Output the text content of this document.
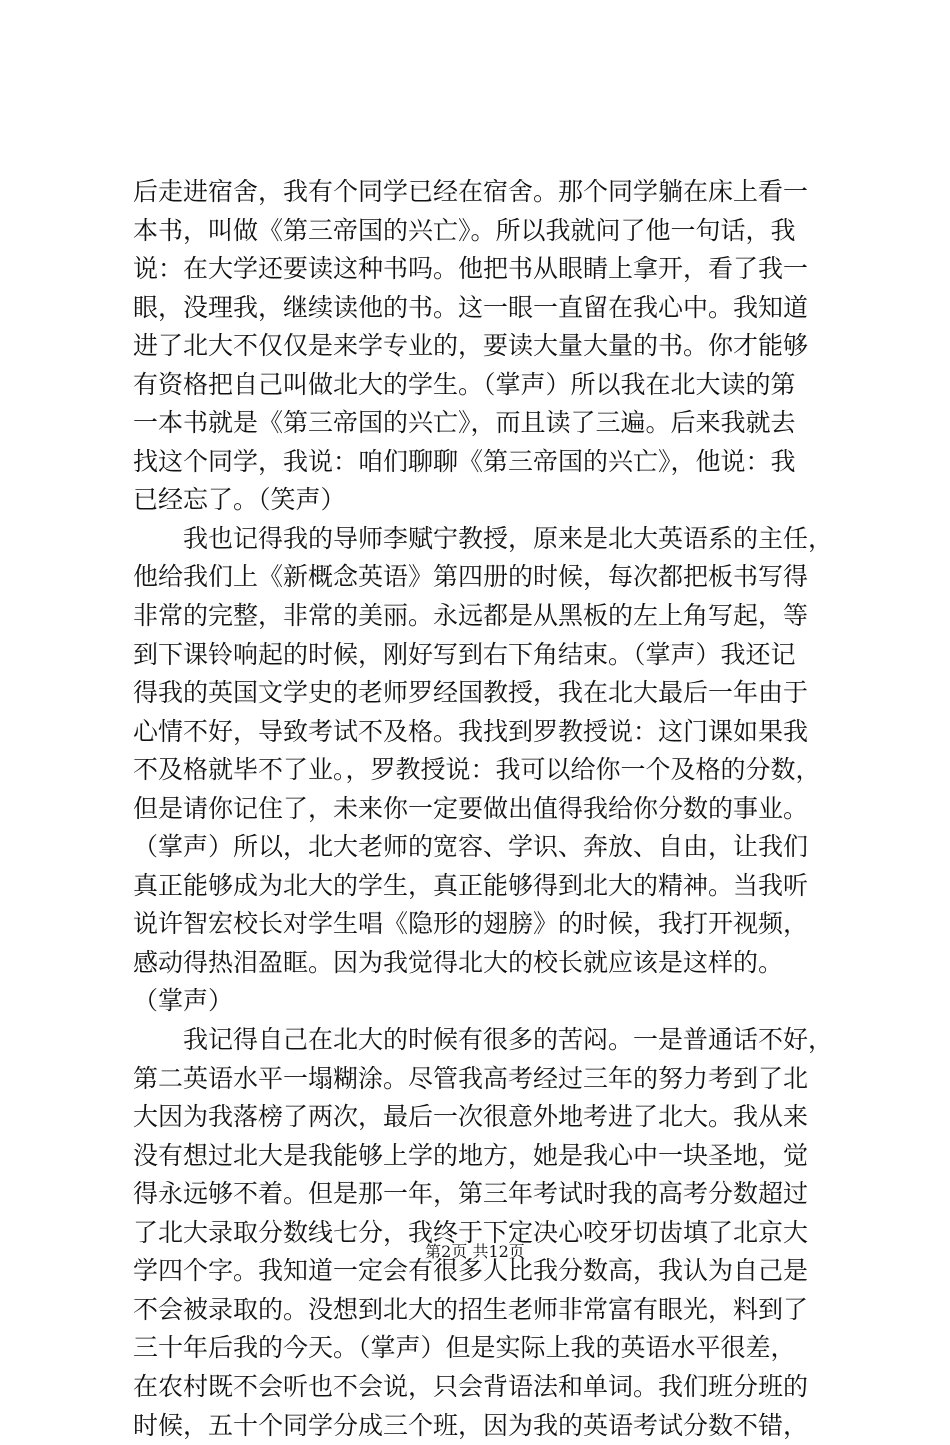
后走进宿舍，我有个同学已经在宿舍。那个同学躺在床上看一
本书，叫做《第三帝国的兴亡》。所以我就问了他一句话，我
说：在大学还要读这种书吗。他把书从眼睛上拿开，看了我一
眼，没理我，继续读他的书。这一眼一直留在我心中。我知道
进了北大不仅仅是来学专业的，要读大量大量的书。你才能够
有资格把自己叫做北大的学生。（掌声）所以我在北大读的第
一本书就是《第三帝国的兴亡》，而且读了三遍。后来我就去
找这个同学，我说：咱们聊聊《第三帝国的兴亡》，他说：我
已经忘了。（笑声）
我也记得我的导师李赋宁教授，原来是北大英语系的主任，
他给我们上《新概念英语》第四册的时候，每次都把板书写得
非常的完整，非常的美丽。永远都是从黑板的左上角写起，等
到下课铃响起的时候，刚好写到右下角结束。（掌声）我还记
得我的英国文学史的老师罗经国教授，我在北大最后一年由于
心情不好，导致考试不及格。我找到罗教授说：这门课如果我
不及格就毕不了业。，罗教授说：我可以给你一个及格的分数，
但是请你记住了，未来你一定要做出值得我给你分数的事业。
（掌声）所以，北大老师的宽容、学识、奔放、自由，让我们
真正能够成为北大的学生，真正能够得到北大的精神。当我听
说许智宏校长对学生唱《隐形的翅膀》的时候，我打开视频，
感动得热泪盈眶。因为我觉得北大的校长就应该是这样的。
（掌声）
我记得自己在北大的时候有很多的苦闷。一是普通话不好，
第二英语水平一塌糊涂。尽管我高考经过三年的努力考到了北
大因为我落榜了两次，最后一次很意外地考进了北大。我从来
没有想过北大是我能够上学的地方，她是我心中一块圣地，觉
得永远够不着。但是那一年，第三年考试时我的高考分数超过
了北大录取分数线七分，我终于下定决心咬牙切齿填了北京大
学四个字。我知道一定会有很多人比我分数高，我认为自己是
不会被录取的。没想到北大的招生老师非常富有眼光，料到了
三十年后我的今天。（掌声）但是实际上我的英语水平很差，
在农村既不会听也不会说，只会背语法和单词。我们班分班的
时候，五十个同学分成三个班，因为我的英语考试分数不错，
第2页 共12页
